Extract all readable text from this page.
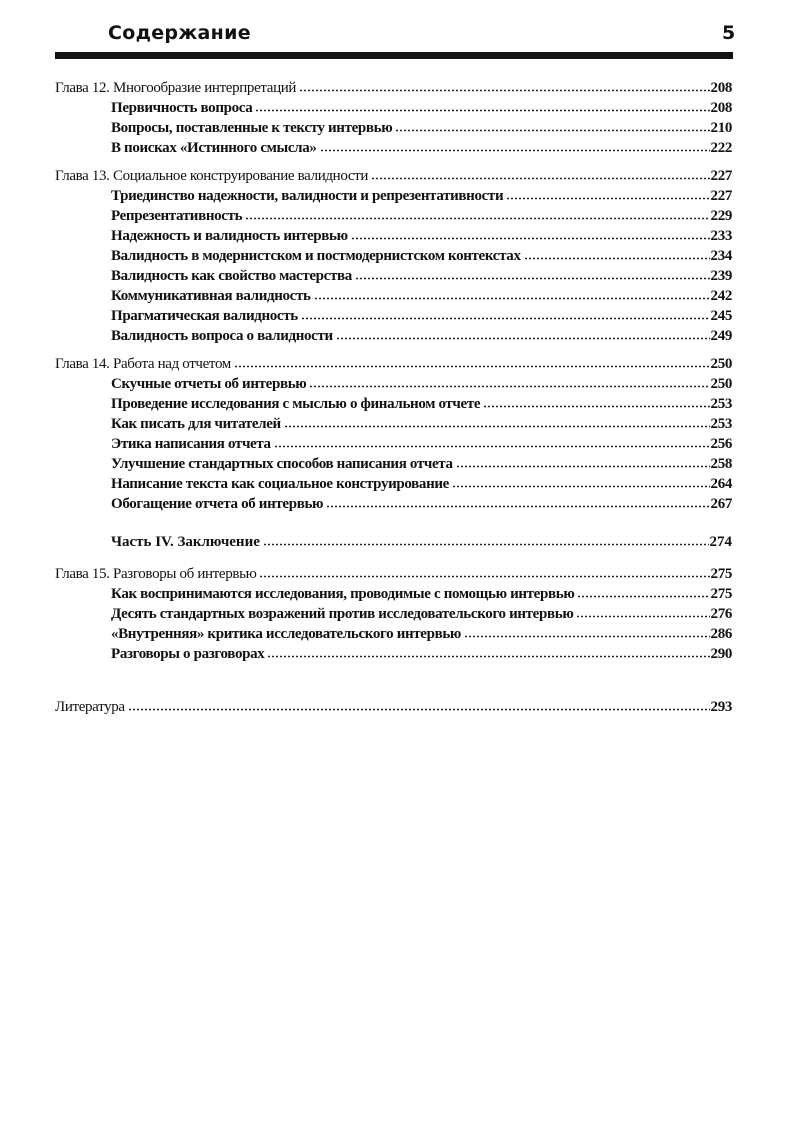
Содержание	5
Глава 12. Многообразие интерпретаций	208
Первичность вопроса	208
Вопросы, поставленные к тексту интервью	210
В поисках «Истинного смысла»	222
Глава 13. Социальное конструирование валидности	227
Триединство надежности, валидности и репрезентативности	227
Репрезентативность	229
Надежность и валидность интервью	233
Валидность в модернистском и постмодернистском контекстах	234
Валидность как свойство мастерства	239
Коммуникативная валидность	242
Прагматическая валидность	245
Валидность вопроса о валидности	249
Глава 14. Работа над отчетом	250
Скучные отчеты об интервью	250
Проведение исследования с мыслью о финальном отчете	253
Как писать для читателей	253
Этика написания отчета	256
Улучшение стандартных способов написания отчета	258
Написание текста как социальное конструирование	264
Обогащение отчета об интервью	267
Часть IV. Заключение	274
Глава 15. Разговоры об интервью	275
Как воспринимаются исследования, проводимые с помощью интервью	275
Десять стандартных возражений против исследовательского интервью	276
«Внутренняя» критика исследовательского интервью	286
Разговоры о разговорах	290
Литература	293
